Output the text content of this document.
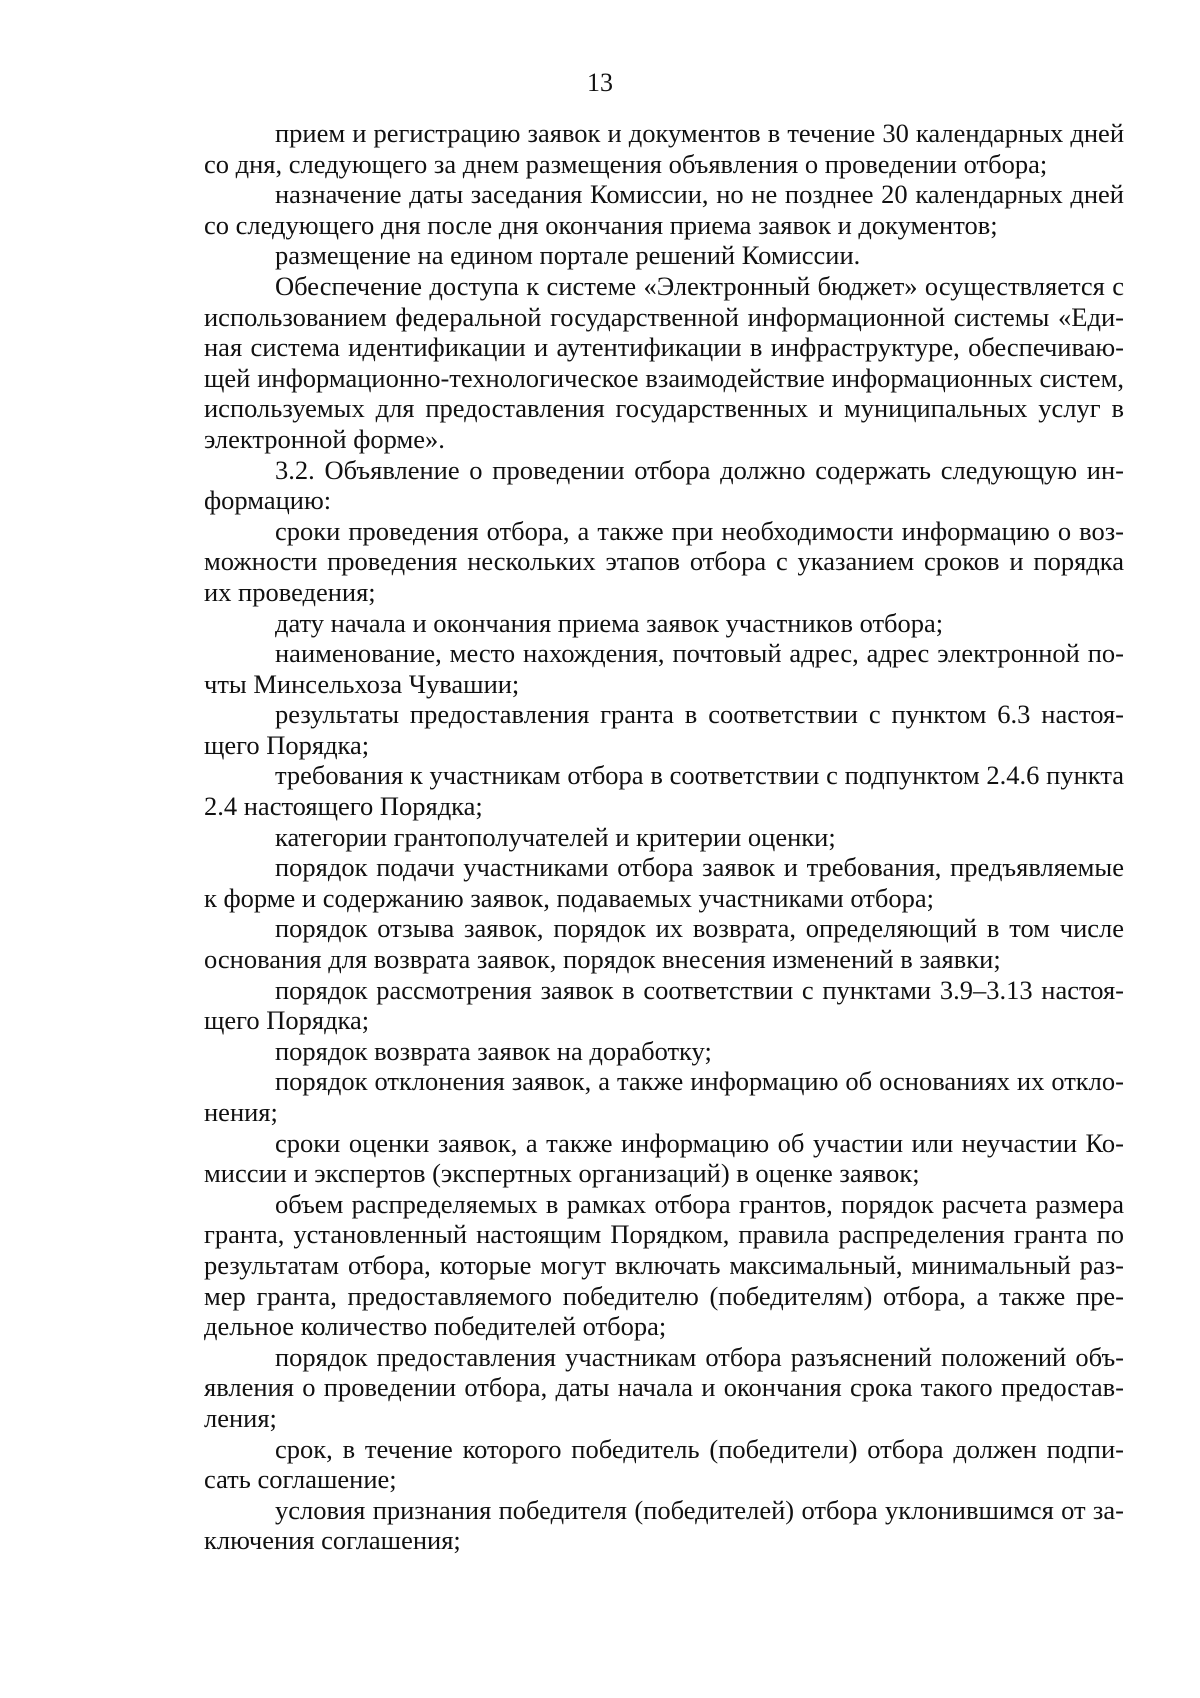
13

прием и регистрацию заявок и документов в течение 30 календарных дней со дня, следующего за днем размещения объявления о проведении отбора;

назначение даты заседания Комиссии, но не позднее 20 календарных дней со следующего дня после дня окончания приема заявок и документов;

размещение на едином портале решений Комиссии.

Обеспечение доступа к системе «Электронный бюджет» осуществляется с использованием федеральной государственной информационной системы «Единая система идентификации и аутентификации в инфраструктуре, обеспечивающей информационно-технологическое взаимодействие информационных систем, используемых для предоставления государственных и муниципальных услуг в электронной форме».

3.2. Объявление о проведении отбора должно содержать следующую информацию:

сроки проведения отбора, а также при необходимости информацию о возможности проведения нескольких этапов отбора с указанием сроков и порядка их проведения;

дату начала и окончания приема заявок участников отбора;

наименование, место нахождения, почтовый адрес, адрес электронной почты Минсельхоза Чувашии;

результаты предоставления гранта в соответствии с пунктом 6.3 настоящего Порядка;

требования к участникам отбора в соответствии с подпунктом 2.4.6 пункта 2.4 настоящего Порядка;

категории грантополучателей и критерии оценки;

порядок подачи участниками отбора заявок и требования, предъявляемые к форме и содержанию заявок, подаваемых участниками отбора;

порядок отзыва заявок, порядок их возврата, определяющий в том числе основания для возврата заявок, порядок внесения изменений в заявки;

порядок рассмотрения заявок в соответствии с пунктами 3.9–3.13 настоящего Порядка;

порядок возврата заявок на доработку;

порядок отклонения заявок, а также информацию об основаниях их отклонения;

сроки оценки заявок, а также информацию об участии или неучастии Комиссии и экспертов (экспертных организаций) в оценке заявок;

объем распределяемых в рамках отбора грантов, порядок расчета размера гранта, установленный настоящим Порядком, правила распределения гранта по результатам отбора, которые могут включать максимальный, минимальный размер гранта, предоставляемого победителю (победителям) отбора, а также предельное количество победителей отбора;

порядок предоставления участникам отбора разъяснений положений объявления о проведении отбора, даты начала и окончания срока такого предоставления;

срок, в течение которого победитель (победители) отбора должен подписать соглашение;

условия признания победителя (победителей) отбора уклонившимся от заключения соглашения;
